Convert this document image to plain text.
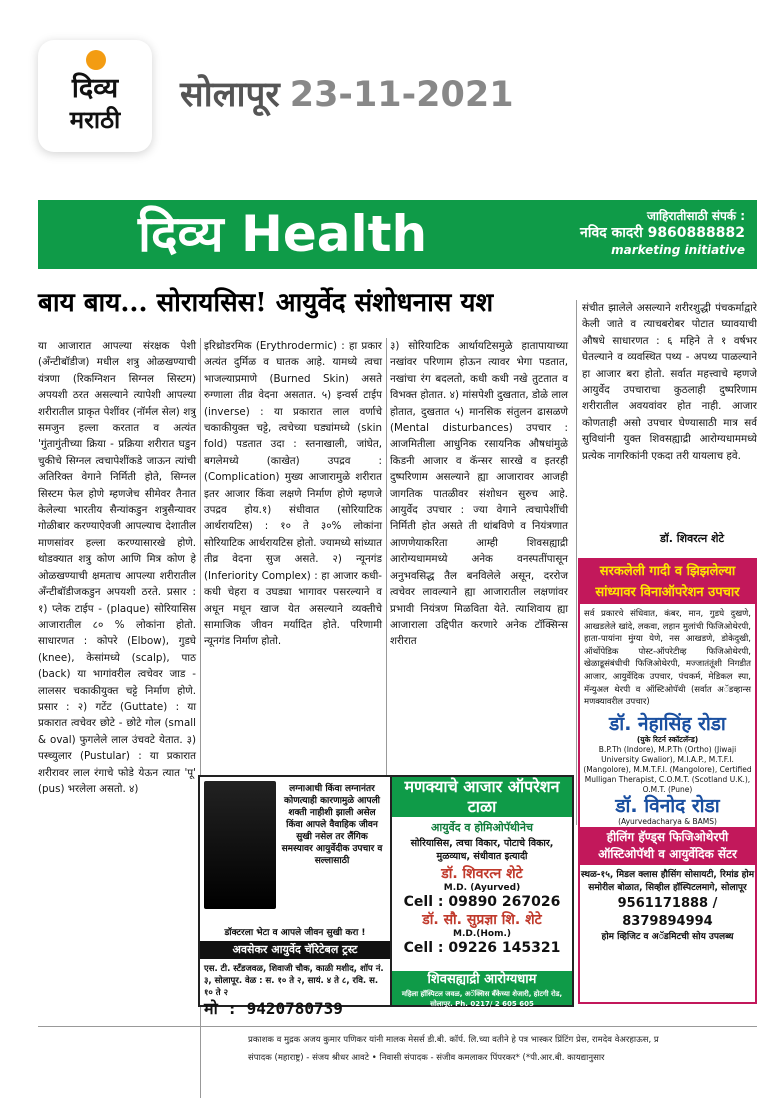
दिव्य
मराठी
सोलापूर 23-11-2021
दिव्य Health	जाहिरातीसाठी संपर्क :
नविद कादरी 9860888882
marketing initiative
बाय बाय... सोरायसिस! आयुर्वेद संशोधनास यश
या आजारात आपल्या संरक्षक पेशी (अँन्टीबॉडीज) मधील शत्रु ओळखण्याची यंत्रणा (रिकग्निशन सिग्नल सिस्टम) अपयशी ठरत असल्याने त्यापेशी आपल्या शरीरातील प्राकृत पेशींवर (नॉर्मल सेल) शत्रु समजुन हल्ला करतात व अत्यंत 'गुंतागुंतीच्या क्रिया - प्रक्रिया शरीरात घडुन चुकीचे सिग्नल त्वचापेशींकडे जाऊन त्यांची अतिरिक्त वेगाने निर्मिती होते, सिग्नल सिस्टम फेल होणे म्हणजेच सीमेवर तैनात केलेल्या भारतीय सैन्यांकडुन शत्रुसैन्यावर गोळीबार करण्याऐवजी आपल्याच देशातील माणसांवर हल्ला करण्यासारखे होणे. थोडक्यात शत्रु कोण आणि मित्र कोण हे ओळखण्याची क्षमताच आपल्या शरीरातील अँन्टीबॉडीजकडुन अपयशी ठरते. प्रसार : १) प्लेक टाईप - (plaque) सोरियासिस आजारातील ८० % लोकांना होतो. साधारणत : कोपरे (Elbow), गुडघे (knee), केसांमध्ये (scalp), पाठ (back) या भागांवरील त्वचेवर जाड - लालसर चकाकीयुक्त चट्टे निर्माण होणे. प्रसार : २) गटेंट (Guttate) : या प्रकारात त्वचेवर छोटे - छोटे गोल (small & oval) फुगलेले लाल उंचवटे येतात. ३) पस्च्युलार (Pustular) : या प्रकारात शरीरावर लाल रंगाचे फोडे येऊन त्यात 'पू' (pus) भरलेला असतो. ४)
इरिथ्रोडरमिक (Erythrodermic) : हा प्रकार अत्यंत दुर्मिळ व घातक आहे. यामध्ये त्वचा भाजल्याप्रमाणे (Burned Skin) असते रुग्णाला तीव्र वेदना असतात. ५) इन्वर्स टाईप (inverse) : या प्रकारात लाल वर्णाचे चकाकीयुक्त चट्टे, त्वचेच्या घड्यांमध्ये (skin fold) पडतात उदा : स्तनाखाली, जांघेत, बगलेमध्ये (काखेत) उपद्रव : (Complication) मुख्य आजारामुळे शरीरात इतर आजार किंवा लक्षणे निर्माण होणे म्हणजे उपद्रव होय.१) संधीवात (सोरियाटिक आर्थरायटिस) : १० ते ३०% लोकांना सोरियाटिक आर्थरायटिस होतो. ज्यामध्ये सांध्यात तीव्र वेदना सुज असते. २) न्यूनगंड (Inferiority Complex) : हा आजार कधी-कधी चेहरा व उघड्या भागावर पसरल्याने व अधून मधून खाज येत असल्याने व्यक्तीचे सामाजिक जीवन मर्यादित होते. परिणामी न्यूनगंड निर्माण होतो.
३) सोरियाटिक आर्थायटिसमुळे हातापायाच्या नखांवर परिणाम होऊन त्यावर भेगा पडतात, नखांचा रंग बदलतो, कधी कधी नखे तुटतात व विभक्त होतात. ४) मांसपेशी दुखतात, डोळे लाल होतात, दुखतात ५) मानसिक संतुलन ढासळणे (Mental disturbances) उपचार : आजमितीला आधुनिक रसायनिक औषधांमुळे किडनी आजार व कॅन्सर सारखे व इतरही दुष्परिणाम असल्याने ह्या आजारावर आजही जागतिक पातळीवर संशोधन सुरुच आहे. आयुर्वेद उपचार : ज्या वेगाने त्वचापेशींची निर्मिती होत असते ती थांबविणे व नियंत्रणात आणणेयाकरिता आम्ही शिवसह्याद्री आरोग्यधाममध्ये अनेक वनस्पतींपासून अनुभवसिद्ध तैल बनविलेले असून, दररोज त्वचेवर लावल्याने ह्या आजारातील लक्षणांवर प्रभावी नियंत्रण मिळविता येते. त्याशिवाय ह्या आजाराला उद्दिपीत करणारे अनेक टॉक्सिन्स शरीरात
संचीत झालेले असल्याने शरीरशुद्धी पंचकर्माद्वारे केली जाते व त्याचबरोबर पोटात घ्यावयाची औषधे साधारणत : ६ महिने ते १ वर्षभर घेतल्याने व व्यवस्थित पथ्य - अपथ्य पाळल्याने हा आजार बरा होतो. सर्वात महत्त्वाचे म्हणजे आयुर्वेद उपचाराचा कुठलाही दुष्परिणाम शरीरातील अवयवांवर होत नाही. आजार कोणताही असो उपचार घेण्यासाठी मात्र सर्व सुविधांनी युक्त शिवसह्याद्री आरोग्यधाममध्ये प्रत्येक नागरिकांनी एकदा तरी यायलाच हवे.
डॉ. शिवरत्न शेटे
लग्नाआधी किंवा लग्नानंतर कोणत्याही कारणामुळे आपली शक्ती नाहीशी झाली असेल किंवा आपले वैवाहिक जीवन सुखी नसेल तर लैंगिक समस्यावर आयुर्वेदीक उपचार व सल्लासाठी
डॉक्टरला भेटा व आपले जीवन सुखी करा !
अवसेकर आयुर्वेद चॅरिटेबल ट्रस्ट
एस. टी. स्टँडजवळ, शिवाजी चौक, काळी मशीद, शॉप नं. ३, सोलापूर. वेळ : स. १० ते २, सायं. ४ ते ८, रवि. स. १० ते २
मो : 9420780739
मणक्याचे आजार ऑपरेशन टाळा
आयुर्वेद व होमिओपॅथीनेच
सोरियासिस, त्वचा विकार, पोटाचे विकार, मुळव्याध, संधीवात इत्यादी
डॉ. शिवरत्न शेटे
M.D. (Ayurved)
Cell : 09890 267026
डॉ. सौ. सुप्रज्ञा शि. शेटे
M.D.(Hom.)
Cell : 09226 145321
शिवसह्याद्री आरोग्यधाम
महिला हॉस्पिटल जवळ, अॅक्सिस बँकेच्या शेजारी, होटगी रोड, सोलापूर. Ph. 0217/ 2 605 605
सरकलेली गादी व झिझलेल्या सांध्यावर विनाऑपरेशन उपचार
सर्व प्रकारचे संधिवात, कंबर, मान, गुडघे दुखणे, आखडलेले खांदे, लकवा, लहान मुलांची फिजिओथेरपी, हाता-पायांना मुंग्या येणे, नस आखडणे, डोकेदुखी, ऑर्थोपेडिक पोस्ट-ऑपरेटीव्ह फिजिओथेरपी, खेळाडूसंबंधीची फिजिओथेरपी, मज्जातंतूंशी निगडीत आजार, आयुर्वेदिक उपचार, पंचकर्म, मेडिकल स्पा, मॅन्युअल थेरपी व ऑस्टिओपॅथी (सर्वात अॅडव्हान्स मणक्यावरील उपचार)
डॉ. नेहासिंह रोडा
(युके रिटर्न स्कॉटलॅन्ड)
B.P.Th (Indore), M.P.Th (Ortho) (Jiwaji University Gwalior), M.I.A.P., M.T.F.I. (Mangolore), M.M.T.F.I. (Mangolore), Certified Mulligan Therapist, C.O.M.T. (Scotland U.K.), O.M.T. (Pune)
डॉ. विनोद रोडा
(Ayurvedacharya & BAMS)
हीलिंग हॅण्ड्स फिजिओथेरपी ऑस्टिओपॅथी व आयुर्वेदिक सेंटर
स्थळ-१५, मिडल क्लास हौसिंग सोसायटी, रिमांड होम समोरील बोळात, सिव्हील हॉस्पिटलमागे, सोलापूर
9561171888 / 8379894994
होम व्हिजिट व अॅडमिटची सोय उपलब्ध
प्रकाशक व मुद्रक अजय कुमार पणिकर यांनी मालक मेसर्स डी.बी. कॉर्प. लि.च्या वतीने हे पत्र भास्कर प्रिंटिंग प्रेस, रामदेव वेअरहाऊस, प्र
संपादक (महाराष्ट्र) - संजय श्रीधर आवटे • निवासी संपादक - संजीव कमलाकर पिंपरकर* (*पी.आर.बी. कायद्यानुसार
